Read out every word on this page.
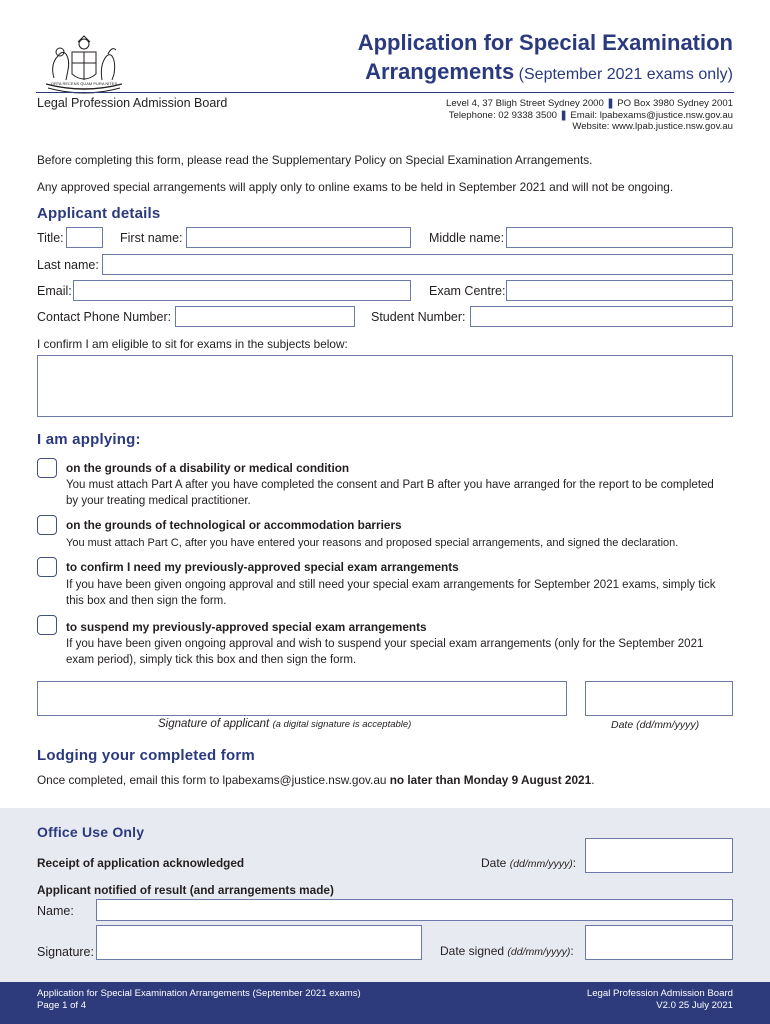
ORTA RECENS QUAM PURA NITES
Application for Special Examination
Arrangements (September 2021 exams only)
Legal Profession Admission Board	Level 4, 37 Bligh Street Sydney 2000 ❚ PO Box 3980 Sydney 2001
Telephone: 02 9338 3500 ❚ Email: lpabexams@justice.nsw.gov.au
Website: www.lpab.justice.nsw.gov.au
Before completing this form, please read the Supplementary Policy on Special Examination Arrangements.
Any approved special arrangements will apply only to online exams to be held in September 2021 and will not be ongoing.
Applicant details
Title:	First name:	Middle name:
Last name:
Email:	Exam Centre:
Contact Phone Number:	Student Number:
I confirm I am eligible to sit for exams in the subjects below:
I am applying:
on the grounds of a disability or medical condition
You must attach Part A after you have completed the consent and Part B after you have arranged for the report to be completed by your treating medical practitioner.
on the grounds of technological or accommodation barriers
You must attach Part C, after you have entered your reasons and proposed special arrangements, and signed the declaration.
to confirm I need my previously-approved special exam arrangements
If you have been given ongoing approval and still need your special exam arrangements for September 2021 exams, simply tick this box and then sign the form.
to suspend my previously-approved special exam arrangements
If you have been given ongoing approval and wish to suspend your special exam arrangements (only for the September 2021 exam period), simply tick this box and then sign the form.
Signature of applicant (a digital signature is acceptable)	Date (dd/mm/yyyy)
Lodging your completed form
Once completed, email this form to lpabexams@justice.nsw.gov.au no later than Monday 9 August 2021.
Office Use Only
Receipt of application acknowledged	Date (dd/mm/yyyy):
Applicant notified of result (and arrangements made)
Name:
Signature:	Date signed (dd/mm/yyyy):
Application for Special Examination Arrangements (September 2021 exams)
Page 1 of 4
Legal Profession Admission Board
V2.0 25 July 2021
